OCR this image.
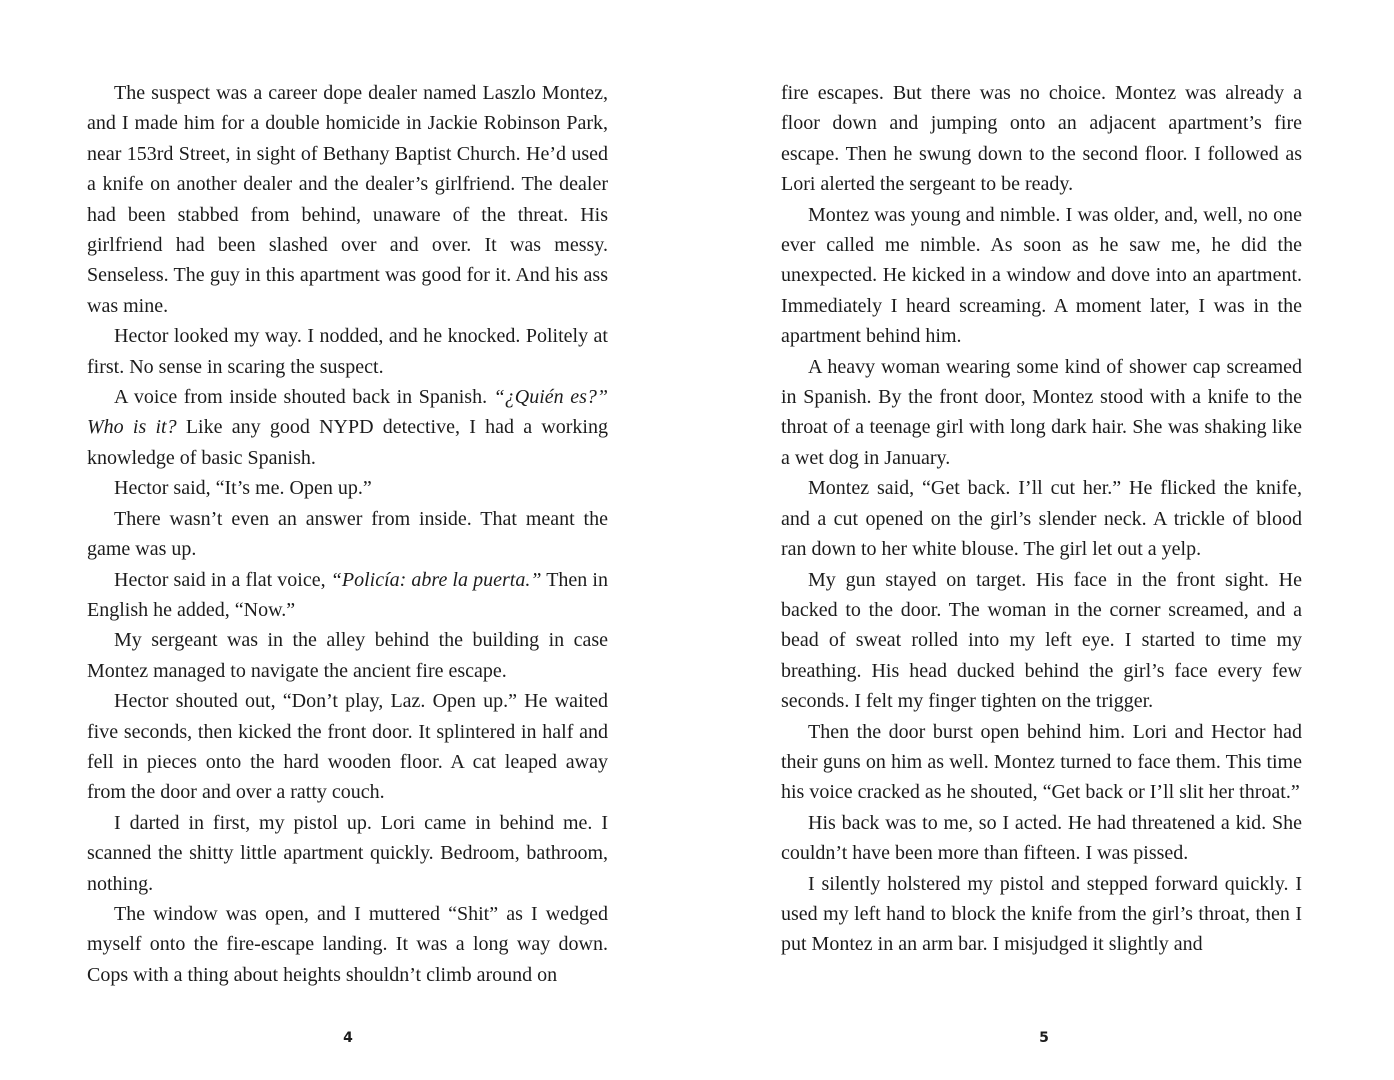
The suspect was a career dope dealer named Laszlo Montez, and I made him for a double homicide in Jackie Robinson Park, near 153rd Street, in sight of Bethany Baptist Church. He’d used a knife on another dealer and the dealer’s girlfriend. The dealer had been stabbed from behind, unaware of the threat. His girlfriend had been slashed over and over. It was messy. Senseless. The guy in this apartment was good for it. And his ass was mine.

Hector looked my way. I nodded, and he knocked. Politely at first. No sense in scaring the suspect.

A voice from inside shouted back in Spanish. “¿Quién es?” Who is it? Like any good NYPD detective, I had a working knowledge of basic Spanish.

Hector said, “It’s me. Open up.”

There wasn’t even an answer from inside. That meant the game was up.

Hector said in a flat voice, “Policía: abre la puerta.” Then in English he added, “Now.”

My sergeant was in the alley behind the building in case Montez managed to navigate the ancient fire escape.

Hector shouted out, “Don’t play, Laz. Open up.” He waited five seconds, then kicked the front door. It splintered in half and fell in pieces onto the hard wooden floor. A cat leaped away from the door and over a ratty couch.

I darted in first, my pistol up. Lori came in behind me. I scanned the shitty little apartment quickly. Bedroom, bathroom, nothing.

The window was open, and I muttered “Shit” as I wedged myself onto the fire-escape landing. It was a long way down. Cops with a thing about heights shouldn’t climb around on

4

fire escapes. But there was no choice. Montez was already a floor down and jumping onto an adjacent apartment’s fire escape. Then he swung down to the second floor. I followed as Lori alerted the sergeant to be ready.

Montez was young and nimble. I was older, and, well, no one ever called me nimble. As soon as he saw me, he did the unexpected. He kicked in a window and dove into an apartment. Immediately I heard screaming. A moment later, I was in the apartment behind him.

A heavy woman wearing some kind of shower cap screamed in Spanish. By the front door, Montez stood with a knife to the throat of a teenage girl with long dark hair. She was shaking like a wet dog in January.

Montez said, “Get back. I’ll cut her.” He flicked the knife, and a cut opened on the girl’s slender neck. A trickle of blood ran down to her white blouse. The girl let out a yelp.

My gun stayed on target. His face in the front sight. He backed to the door. The woman in the corner screamed, and a bead of sweat rolled into my left eye. I started to time my breathing. His head ducked behind the girl’s face every few seconds. I felt my finger tighten on the trigger.

Then the door burst open behind him. Lori and Hector had their guns on him as well. Montez turned to face them. This time his voice cracked as he shouted, “Get back or I’ll slit her throat.”

His back was to me, so I acted. He had threatened a kid. She couldn’t have been more than fifteen. I was pissed.

I silently holstered my pistol and stepped forward quickly. I used my left hand to block the knife from the girl’s throat, then I put Montez in an arm bar. I misjudged it slightly and

5
